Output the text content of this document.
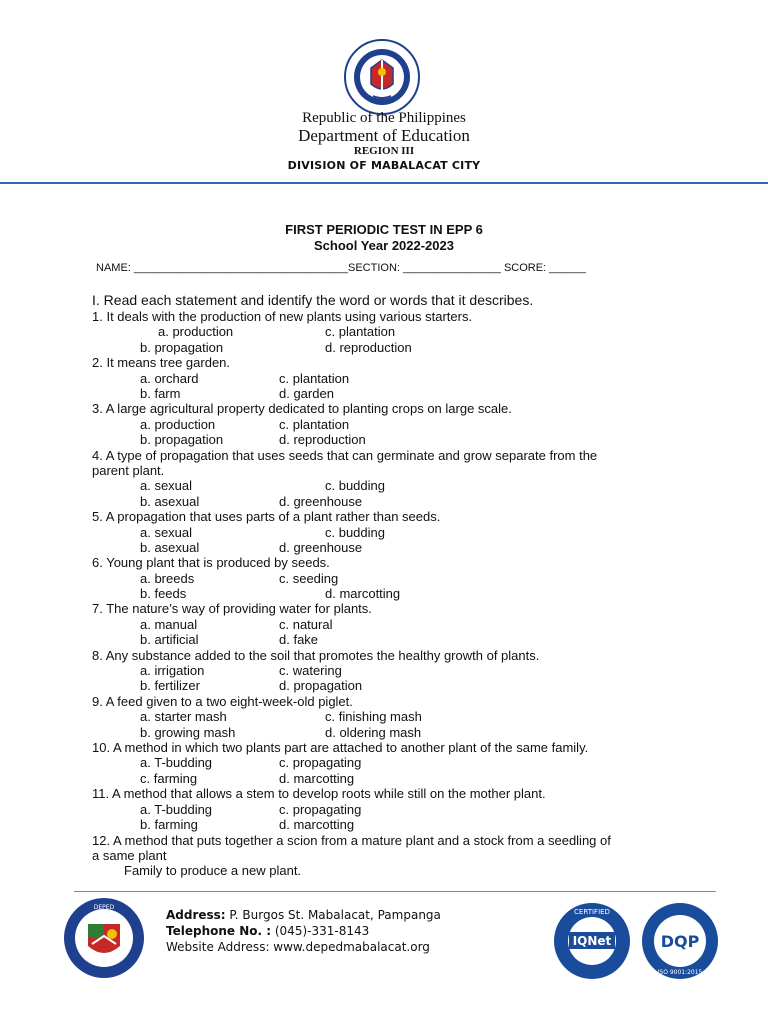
Republic of the Philippines
Department of Education
REGION III
DIVISION OF MABALACAT CITY
FIRST PERIODIC TEST IN EPP 6
School Year 2022-2023
NAME: ___________________________________SECTION: ________________ SCORE: ______
I. Read each statement and identify the word or words that it describes.
1. It deals with the production of new plants using various starters.
a. production	c. plantation
b. propagation	d. reproduction
2. It means tree garden.
a. orchard	c. plantation
b. farm	d. garden
3. A large agricultural property dedicated to planting crops on large scale.
a. production	c. plantation
b. propagation	d. reproduction
4. A type of propagation that uses seeds that can germinate and grow separate from the
parent plant.
a. sexual	c. budding
b. asexual	d. greenhouse
5. A propagation that uses parts of a plant rather than seeds.
a. sexual	c. budding
b. asexual	d. greenhouse
6. Young plant that is produced by seeds.
a. breeds	c. seeding
b. feeds	d. marcotting
7. The nature’s way of providing water for plants.
a. manual	c. natural
b. artificial	d. fake
8. Any substance added to the soil that promotes the healthy growth of plants.
a. irrigation	c. watering
b. fertilizer	d. propagation
9. A feed given to a two eight-week-old piglet.
a. starter mash	c. finishing mash
b. growing mash	d. oldering mash
10. A method in which two plants part are attached to another plant of the same family.
a. T-budding	c. propagating
c. farming	d. marcotting
11. A method that allows a stem to develop roots while still on the mother plant.
a. T-budding	c. propagating
b. farming	d. marcotting
12. A method that puts together a scion from a mature plant and a stock from a seedling of
a same plant
Family to produce a new plant.
DEPED
Address: P. Burgos St. Mabalacat, Pampanga
Telephone No. : (045)-331-8143
Website Address: www.depedmabalacat.org	IQNet
CERTIFIED
DQP
ISO 9001:2015
